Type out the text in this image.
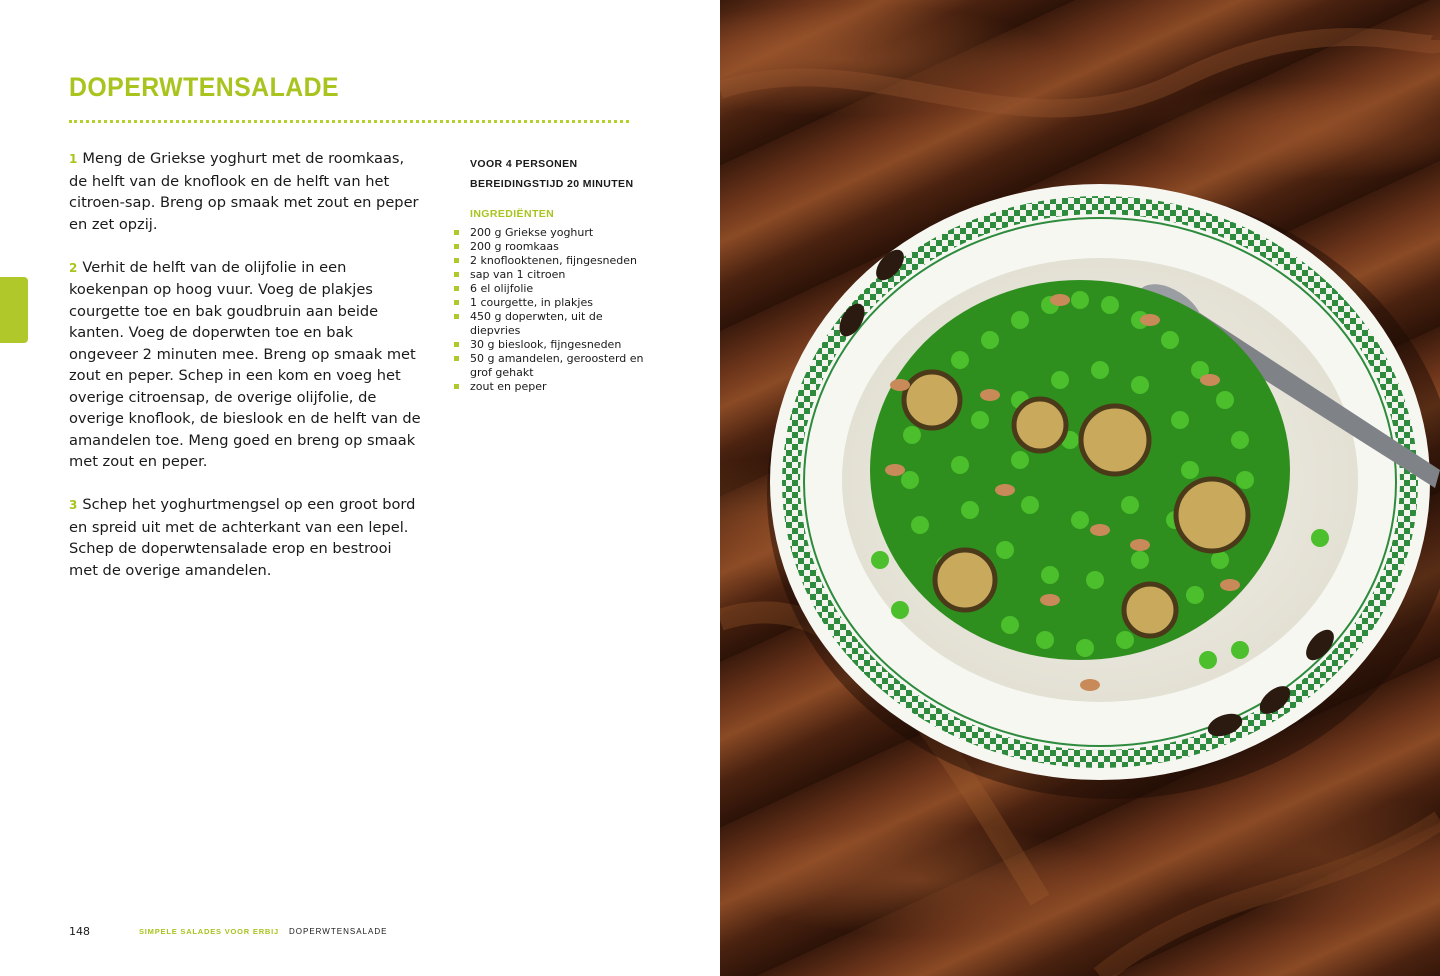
DOPERWTENSALADE

1 Meng de Griekse yoghurt met de roomkaas, de helft van de knoflook en de helft van het citroen-sap. Breng op smaak met zout en peper en zet opzij.

2 Verhit de helft van de olijfolie in een koekenpan op hoog vuur. Voeg de plakjes courgette toe en bak goudbruin aan beide kanten. Voeg de doperwten toe en bak ongeveer 2 minuten mee. Breng op smaak met zout en peper. Schep in een kom en voeg het overige citroensap, de overige olijfolie, de overige knoflook, de bieslook en de helft van de amandelen toe. Meng goed en breng op smaak met zout en peper.

3 Schep het yoghurtmengsel op een groot bord en spreid uit met de achterkant van een lepel. Schep de doperwtensalade erop en bestrooi met de overige amandelen.

VOOR 4 PERSONEN
BEREIDINGSTIJD 20 MINUTEN
INGREDIËNTEN
200 g Griekse yoghurt
200 g roomkaas
2 knoflooktenen, fijngesneden
sap van 1 citroen
6 el olijfolie
1 courgette, in plakjes
450 g doperwten, uit de diepvries
30 g bieslook, fijngesneden
50 g amandelen, geroosterd en grof gehakt
zout en peper
148	SIMPELE SALADES VOOR ERBIJ DOPERWTENSALADE
